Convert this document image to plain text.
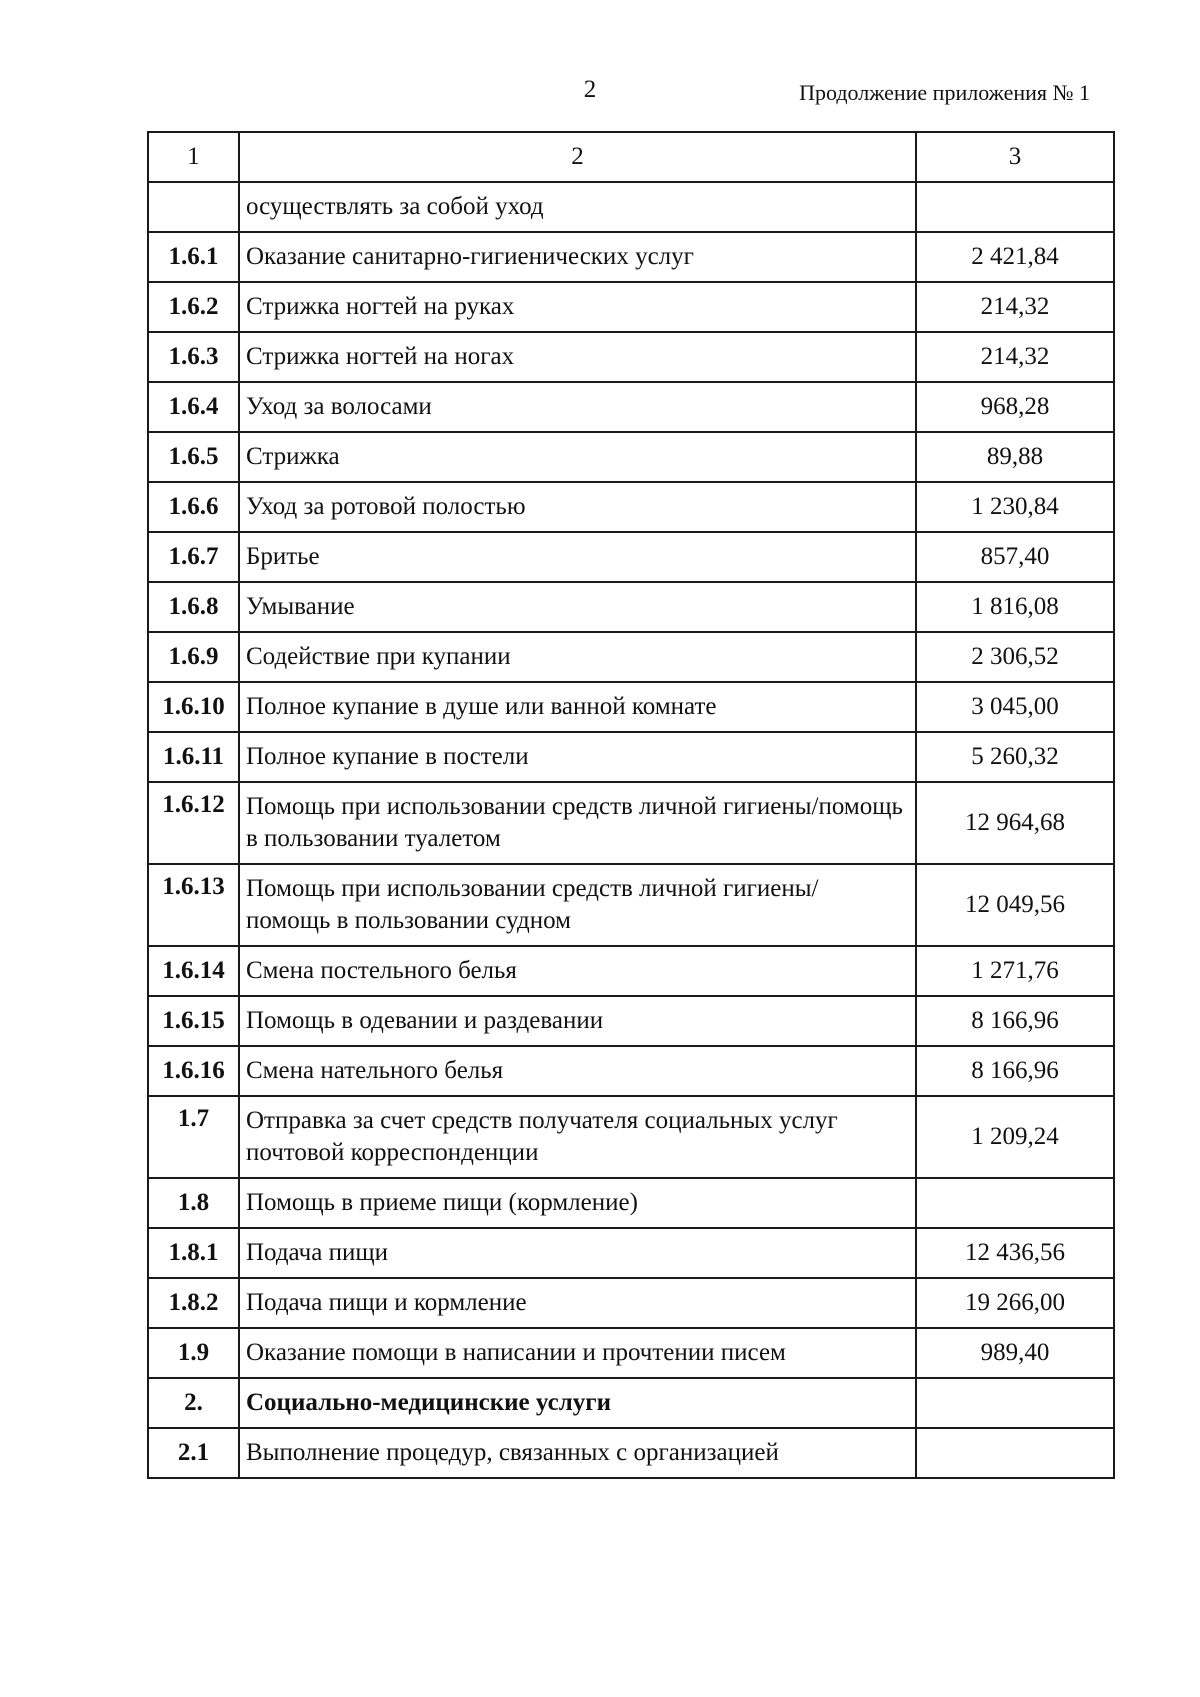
2	Продолжение приложения № 1
1	2	3
	осуществлять за собой уход	
1.6.1	Оказание санитарно-гигиенических услуг	2 421,84
1.6.2	Стрижка ногтей на руках	214,32
1.6.3	Стрижка ногтей на ногах	214,32
1.6.4	Уход за волосами	968,28
1.6.5	Стрижка	89,88
1.6.6	Уход за ротовой полостью	1 230,84
1.6.7	Бритье	857,40
1.6.8	Умывание	1 816,08
1.6.9	Содействие при купании	2 306,52
1.6.10	Полное купание в душе или ванной комнате	3 045,00
1.6.11	Полное купание в постели	5 260,32
1.6.12	Помощь при использовании средств личной гигиены/помощь в пользовании туалетом	12 964,68
1.6.13	Помощь при использовании средств личной гигиены/ помощь в пользовании судном	12 049,56
1.6.14	Смена постельного белья	1 271,76
1.6.15	Помощь в одевании и раздевании	8 166,96
1.6.16	Смена нательного белья	8 166,96
1.7	Отправка за счет средств получателя социальных услуг почтовой корреспонденции	1 209,24
1.8	Помощь в приеме пищи (кормление)	
1.8.1	Подача пищи	12 436,56
1.8.2	Подача пищи и кормление	19 266,00
1.9	Оказание помощи в написании и прочтении писем	989,40
2.	Социально-медицинские услуги	
2.1	Выполнение процедур, связанных с организацией	
